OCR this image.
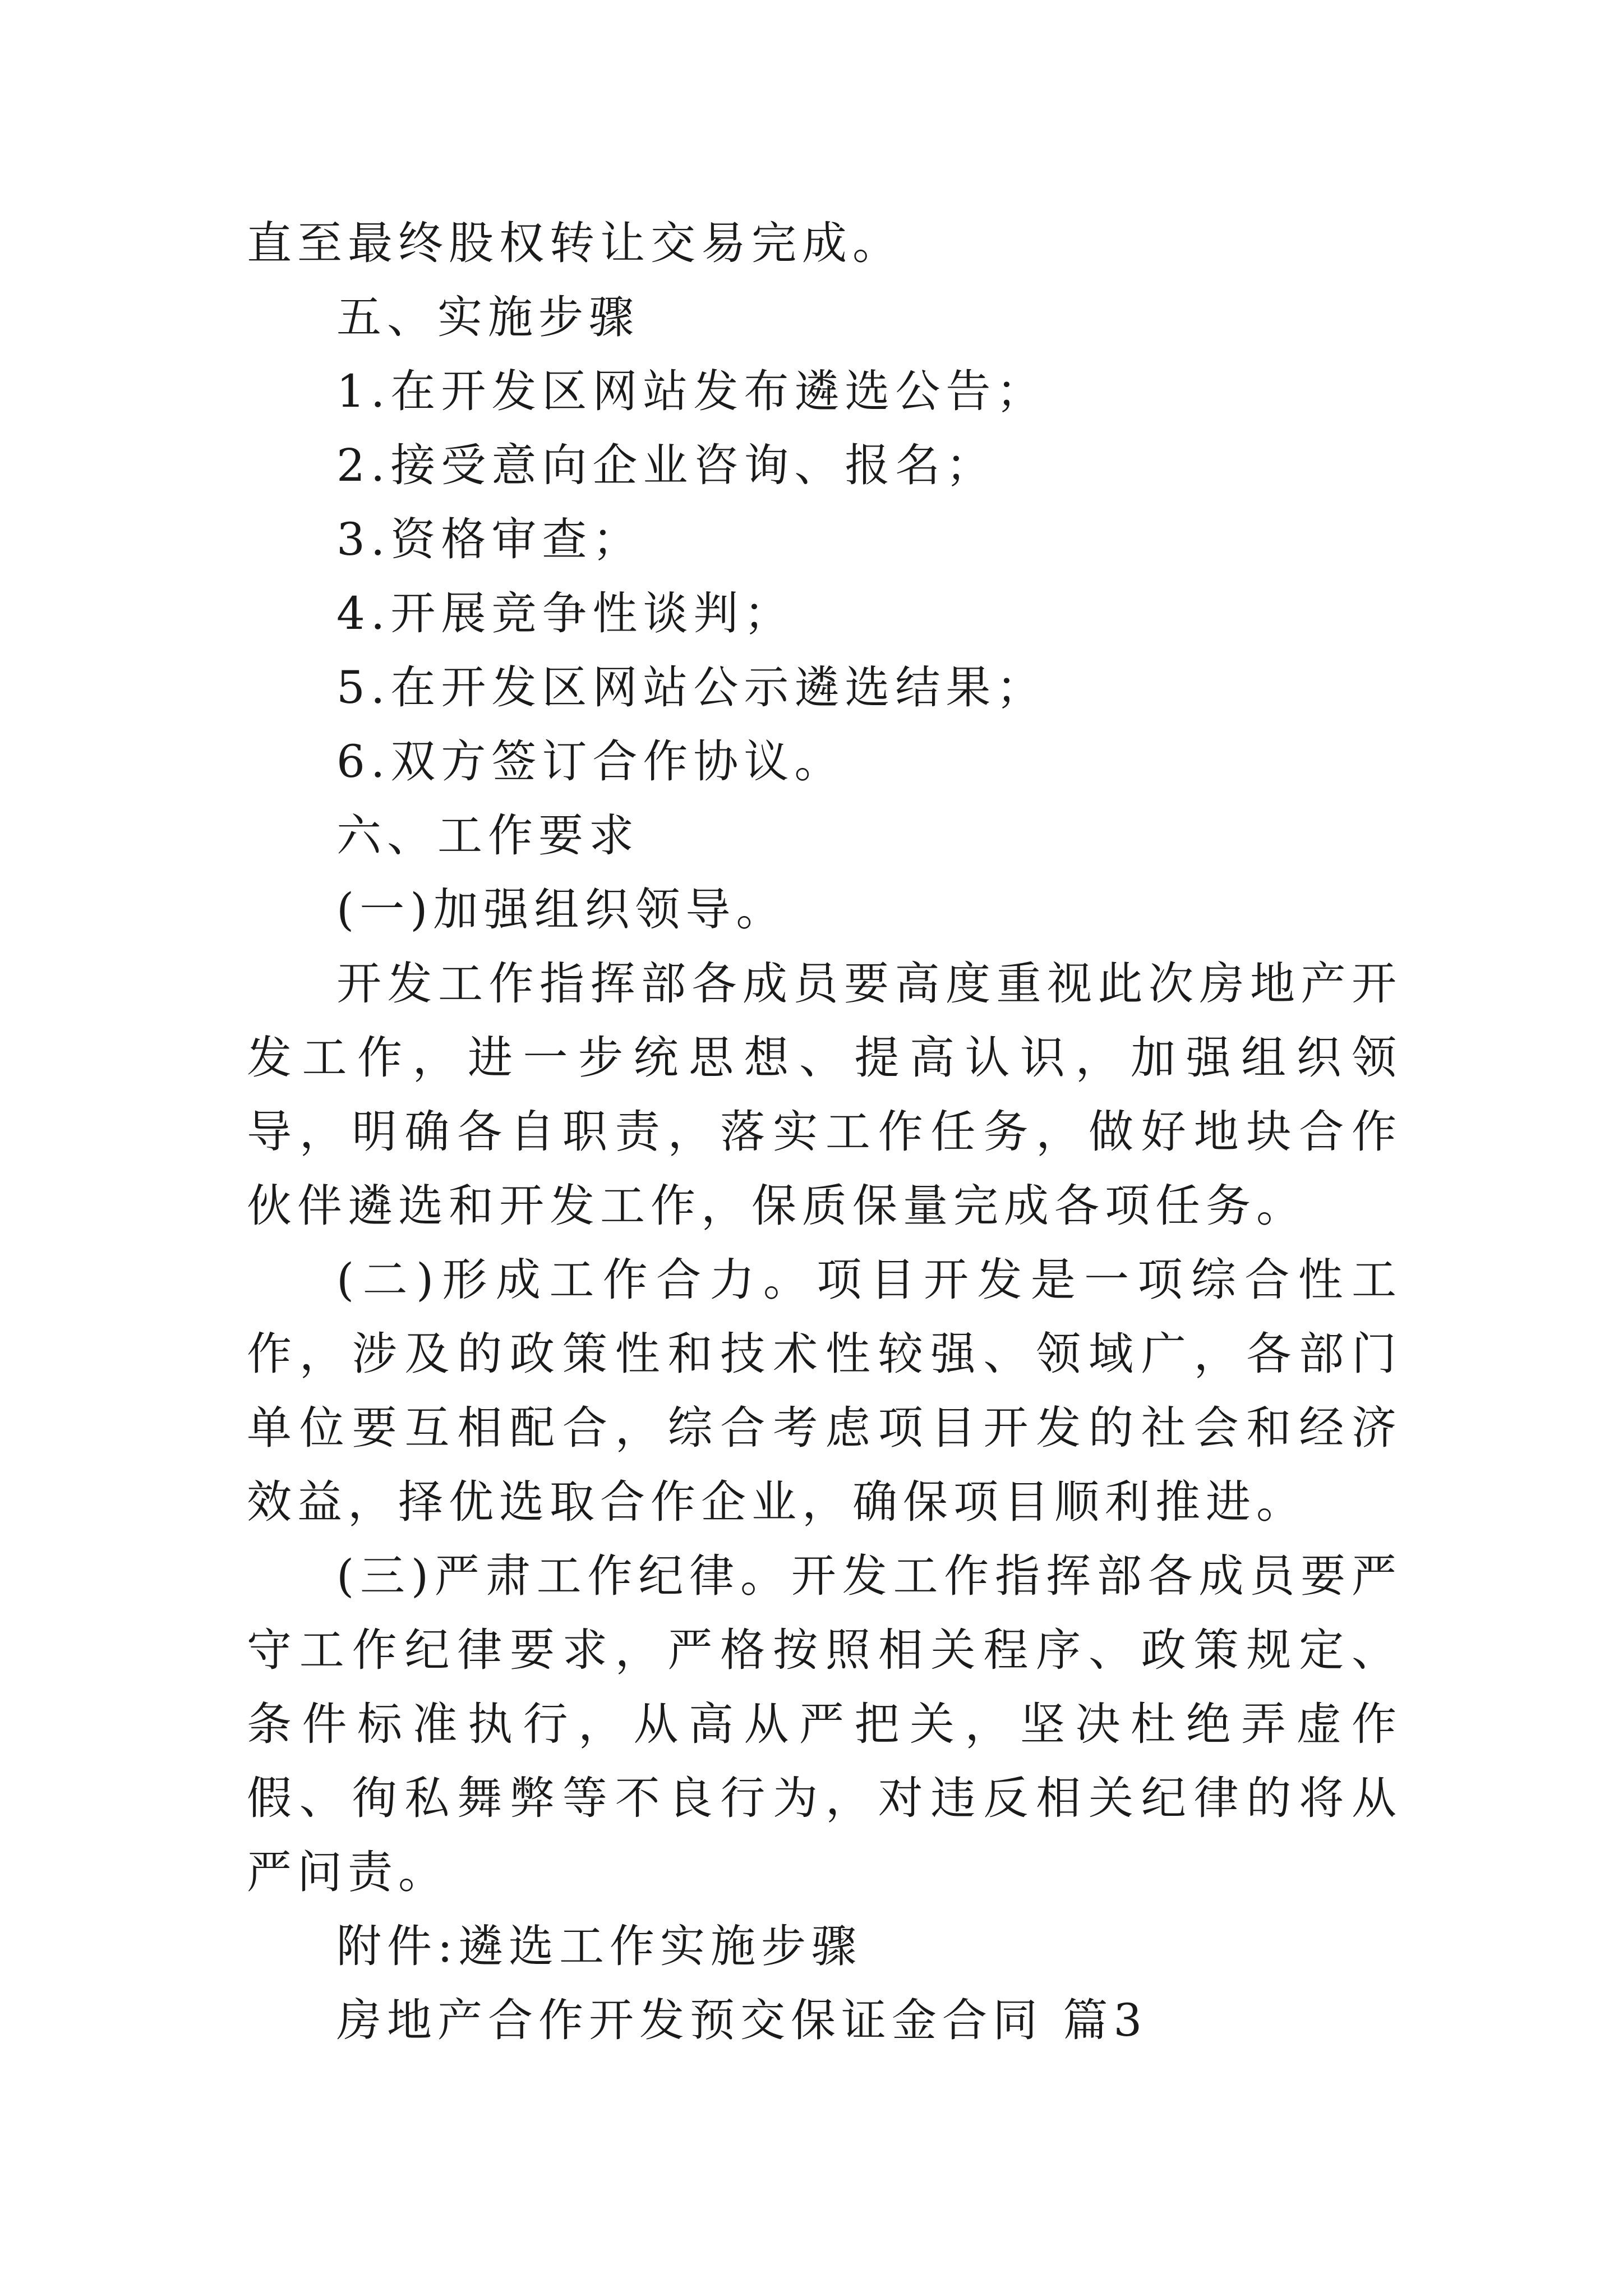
直至最终股权转让交易完成。

五、实施步骤

1.在开发区网站发布遴选公告；

2.接受意向企业咨询、报名；

3.资格审查；

4.开展竞争性谈判；

5.在开发区网站公示遴选结果；

6.双方签订合作协议。

六、工作要求

(一)加强组织领导。

开发工作指挥部各成员要高度重视此次房地产开发工作，进一步统思想、提高认识，加强组织领导，明确各自职责，落实工作任务，做好地块合作伙伴遴选和开发工作，保质保量完成各项任务。

(二)形成工作合力。项目开发是一项综合性工作，涉及的政策性和技术性较强、领域广，各部门单位要互相配合，综合考虑项目开发的社会和经济效益，择优选取合作企业，确保项目顺利推进。

(三)严肃工作纪律。开发工作指挥部各成员要严守工作纪律要求，严格按照相关程序、政策规定、条件标准执行，从高从严把关，坚决杜绝弄虚作假、徇私舞弊等不良行为，对违反相关纪律的将从严问责。

附件:遴选工作实施步骤

房地产合作开发预交保证金合同 篇3
